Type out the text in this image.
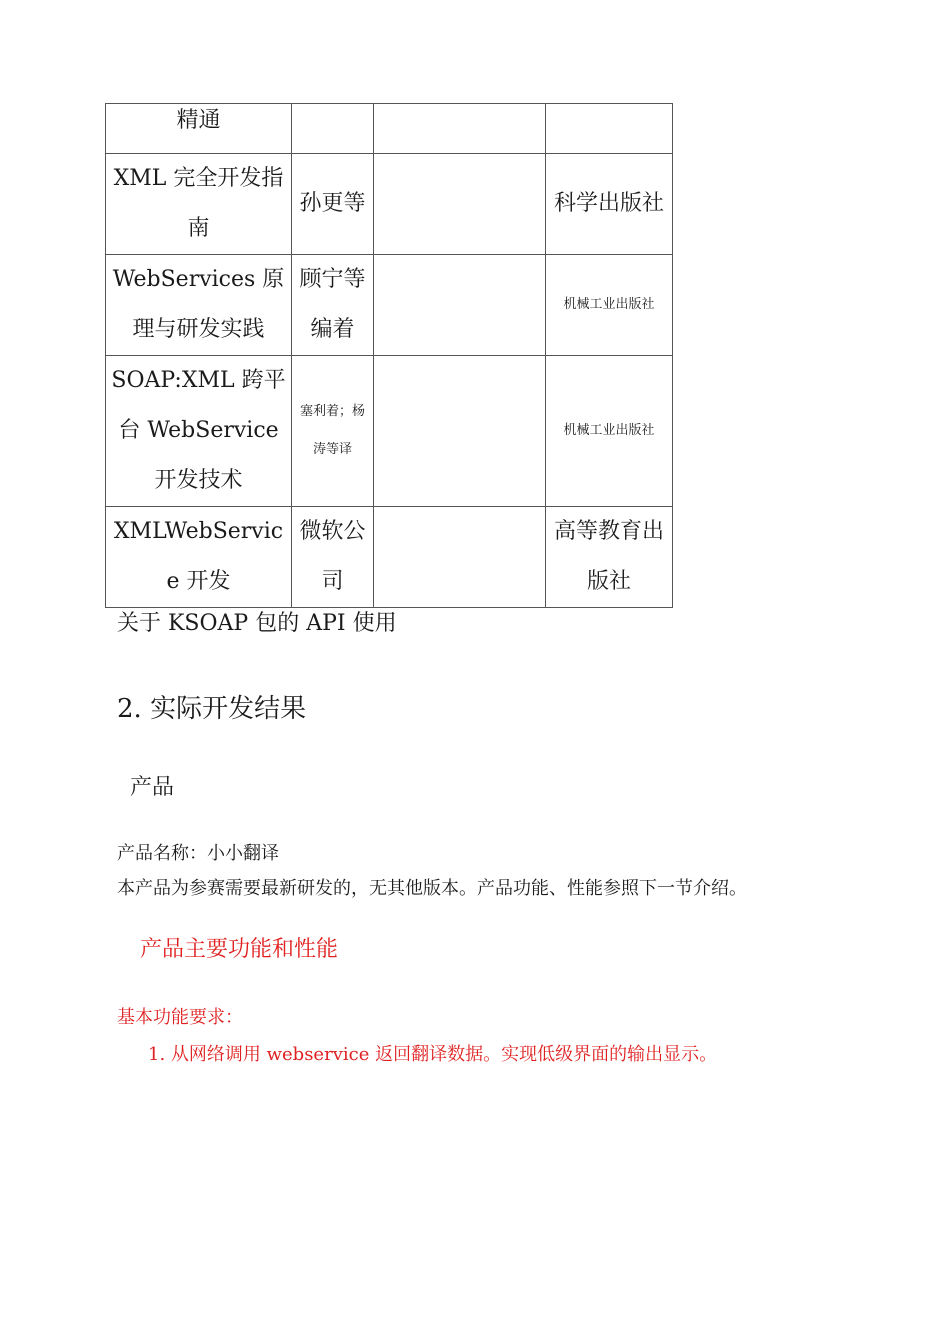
精通			
XML 完全开发指南	孙更等		科学出版社
WebServices 原理与研发实践	顾宁等编着		机械工业出版社
SOAP:XML 跨平台 WebService 开发技术	塞利着；杨涛等译		机械工业出版社
XMLWebService 开发	微软公司		高等教育出版社

关于 KSOAP 包的 API 使用

2. 实际开发结果
产品

产品名称：小小翻译

本产品为参赛需要最新研发的，无其他版本。产品功能、性能参照下一节介绍。

产品主要功能和性能

基本功能要求：

1. 从网络调用 webservice 返回翻译数据。实现低级界面的输出显示。
